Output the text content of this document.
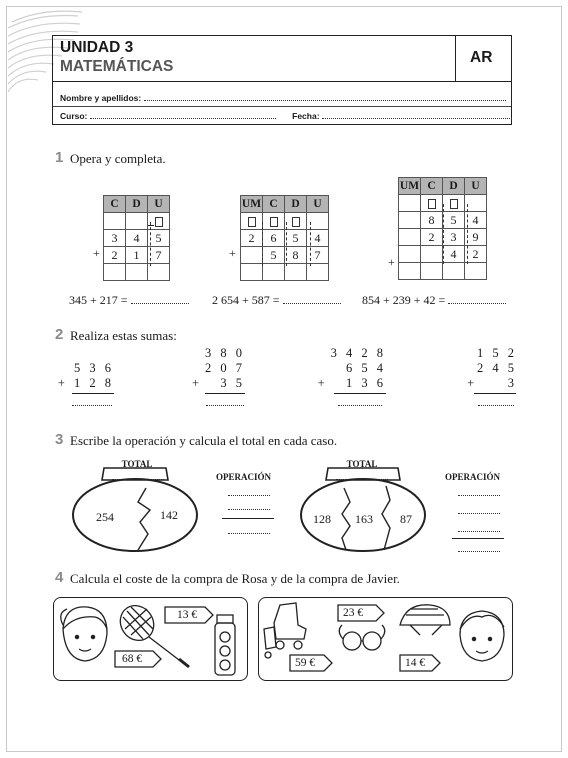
UNIDAD 3
MATEMÁTICAS
AR
Nombre y apellidos:
Curso:	Fecha:
1 Opera y completa.
C	D	U

3	4	5
2	1	7

+
UM	C	D	U

2	6	5	4
	5	8	7

+
UM	C	D	U

	8	5	4
	2	3	9
		4	2

+
345 + 217 =	2 654 + 587 =	854 + 239 + 42 =
2 Realiza estas sumas:
5 3 6
+ 1 2 8
3 8 0
2 0 7
+   3 5
3 4 2 8
6 5 4
+   1 3 6
1 5 2
2 4 5
+     3
3 Escribe la operación y calcula el total en cada caso.
TOTAL
254	142
OPERACIÓN
TOTAL
128 163 87
OPERACIÓN
4 Calcula el coste de la compra de Rosa y de la compra de Javier.
13 €
68 €
23 €
59 €	14 €
